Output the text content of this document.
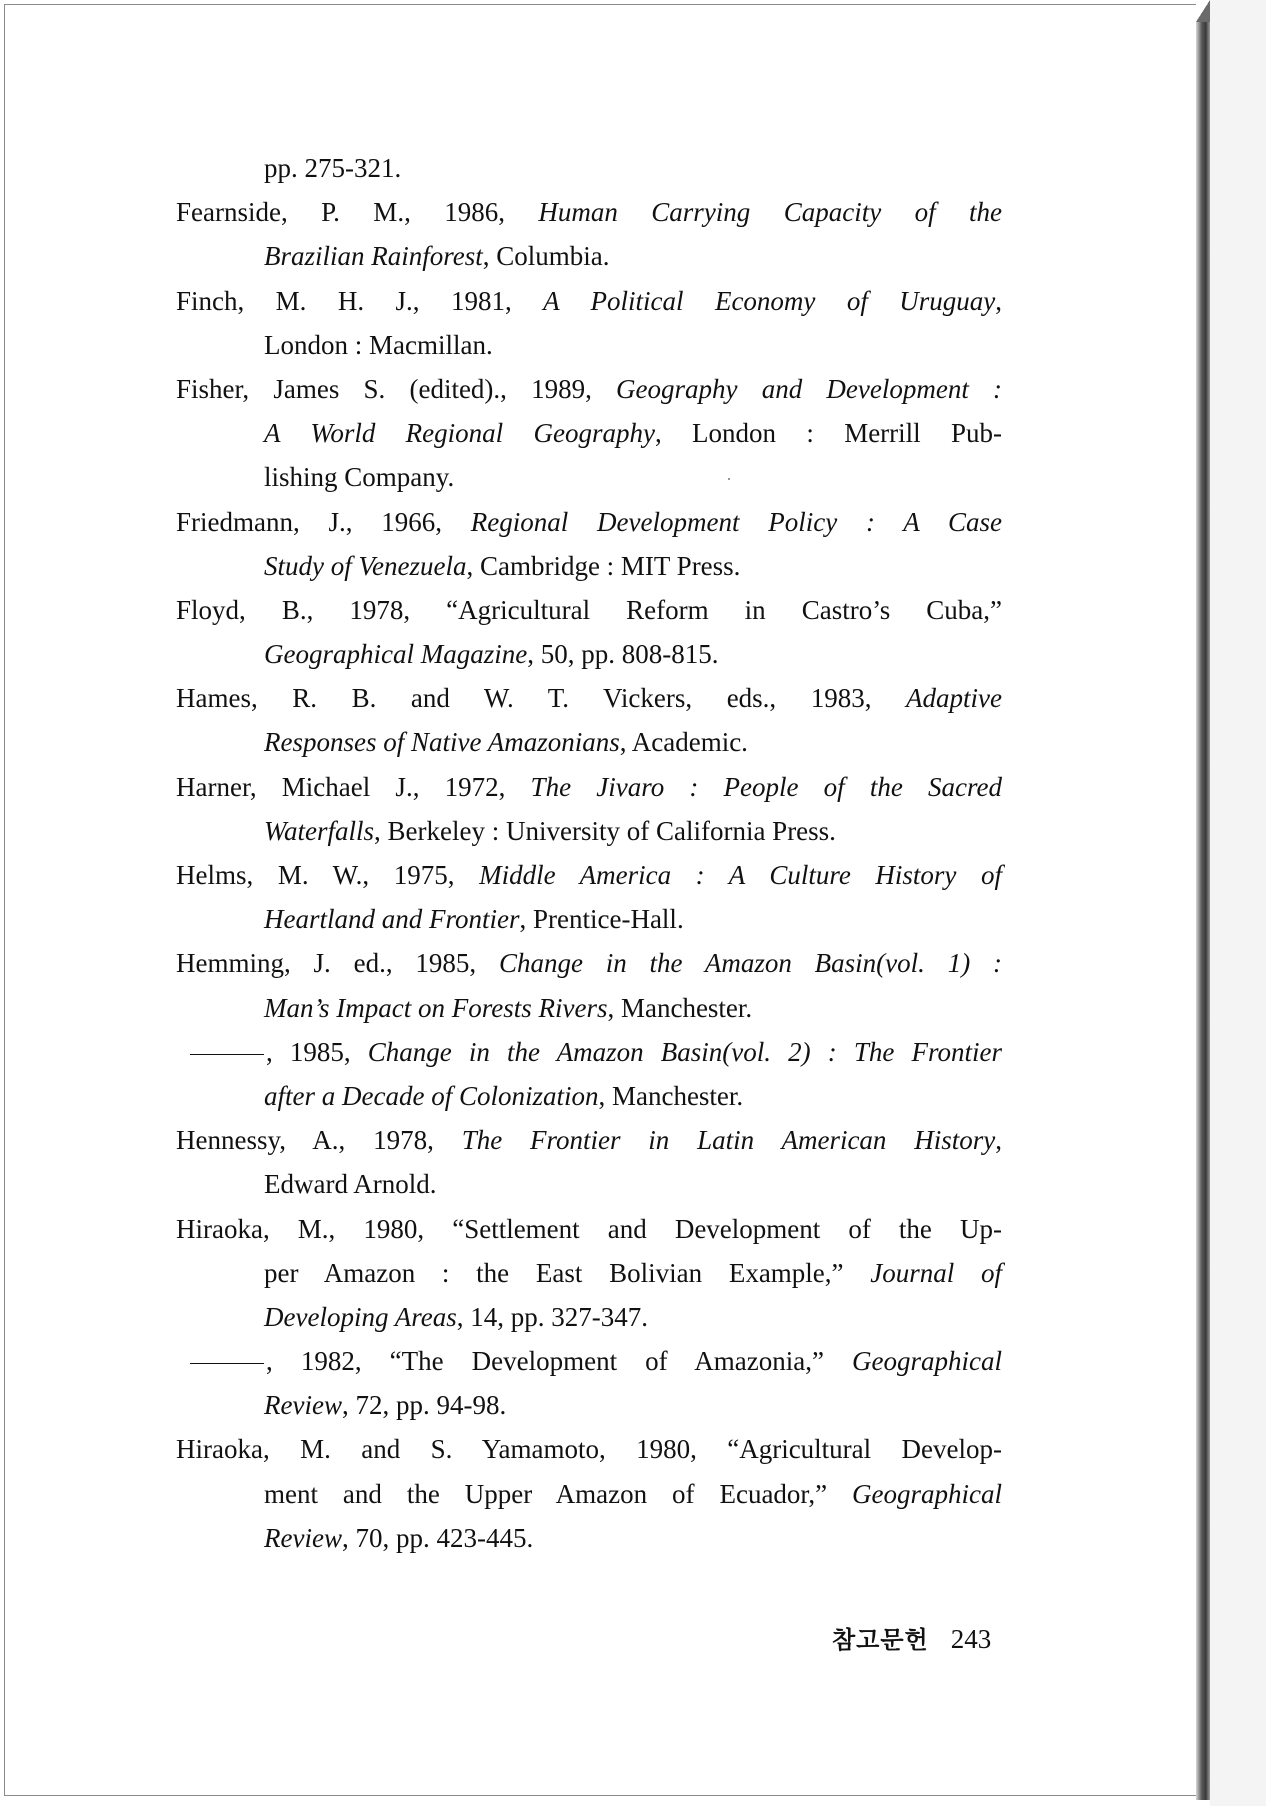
pp. 275-321.
Fearnside, P. M., 1986, Human Carrying Capacity of the
Brazilian Rainforest, Columbia.
Finch, M. H. J., 1981, A Political Economy of Uruguay,
London : Macmillan.
Fisher, James S. (edited)., 1989, Geography and Development :
A World Regional Geography, London : Merrill Pub-
lishing Company.
Friedmann, J., 1966, Regional Development Policy : A Case
Study of Venezuela, Cambridge : MIT Press.
Floyd, B., 1978, “Agricultural Reform in Castro’s Cuba,”
Geographical Magazine, 50, pp. 808-815.
Hames, R. B. and W. T. Vickers, eds., 1983, Adaptive
Responses of Native Amazonians, Academic.
Harner, Michael J., 1972, The Jivaro : People of the Sacred
Waterfalls, Berkeley : University of California Press.
Helms, M. W., 1975, Middle America : A Culture History of
Heartland and Frontier, Prentice-Hall.
Hemming, J. ed., 1985, Change in the Amazon Basin(vol. 1) :
Man’s Impact on Forests Rivers, Manchester.
, 1985, Change in the Amazon Basin(vol. 2) : The Frontier
after a Decade of Colonization, Manchester.
Hennessy, A., 1978, The Frontier in Latin American History,
Edward Arnold.
Hiraoka, M., 1980, “Settlement and Development of the Up-
per Amazon : the East Bolivian Example,” Journal of
Developing Areas, 14, pp. 327-347.
, 1982, “The Development of Amazonia,” Geographical
Review, 72, pp. 94-98.
Hiraoka, M. and S. Yamamoto, 1980, “Agricultural Develop-
ment and the Upper Amazon of Ecuador,” Geographical
Review, 70, pp. 423-445.
참고문헌 243
